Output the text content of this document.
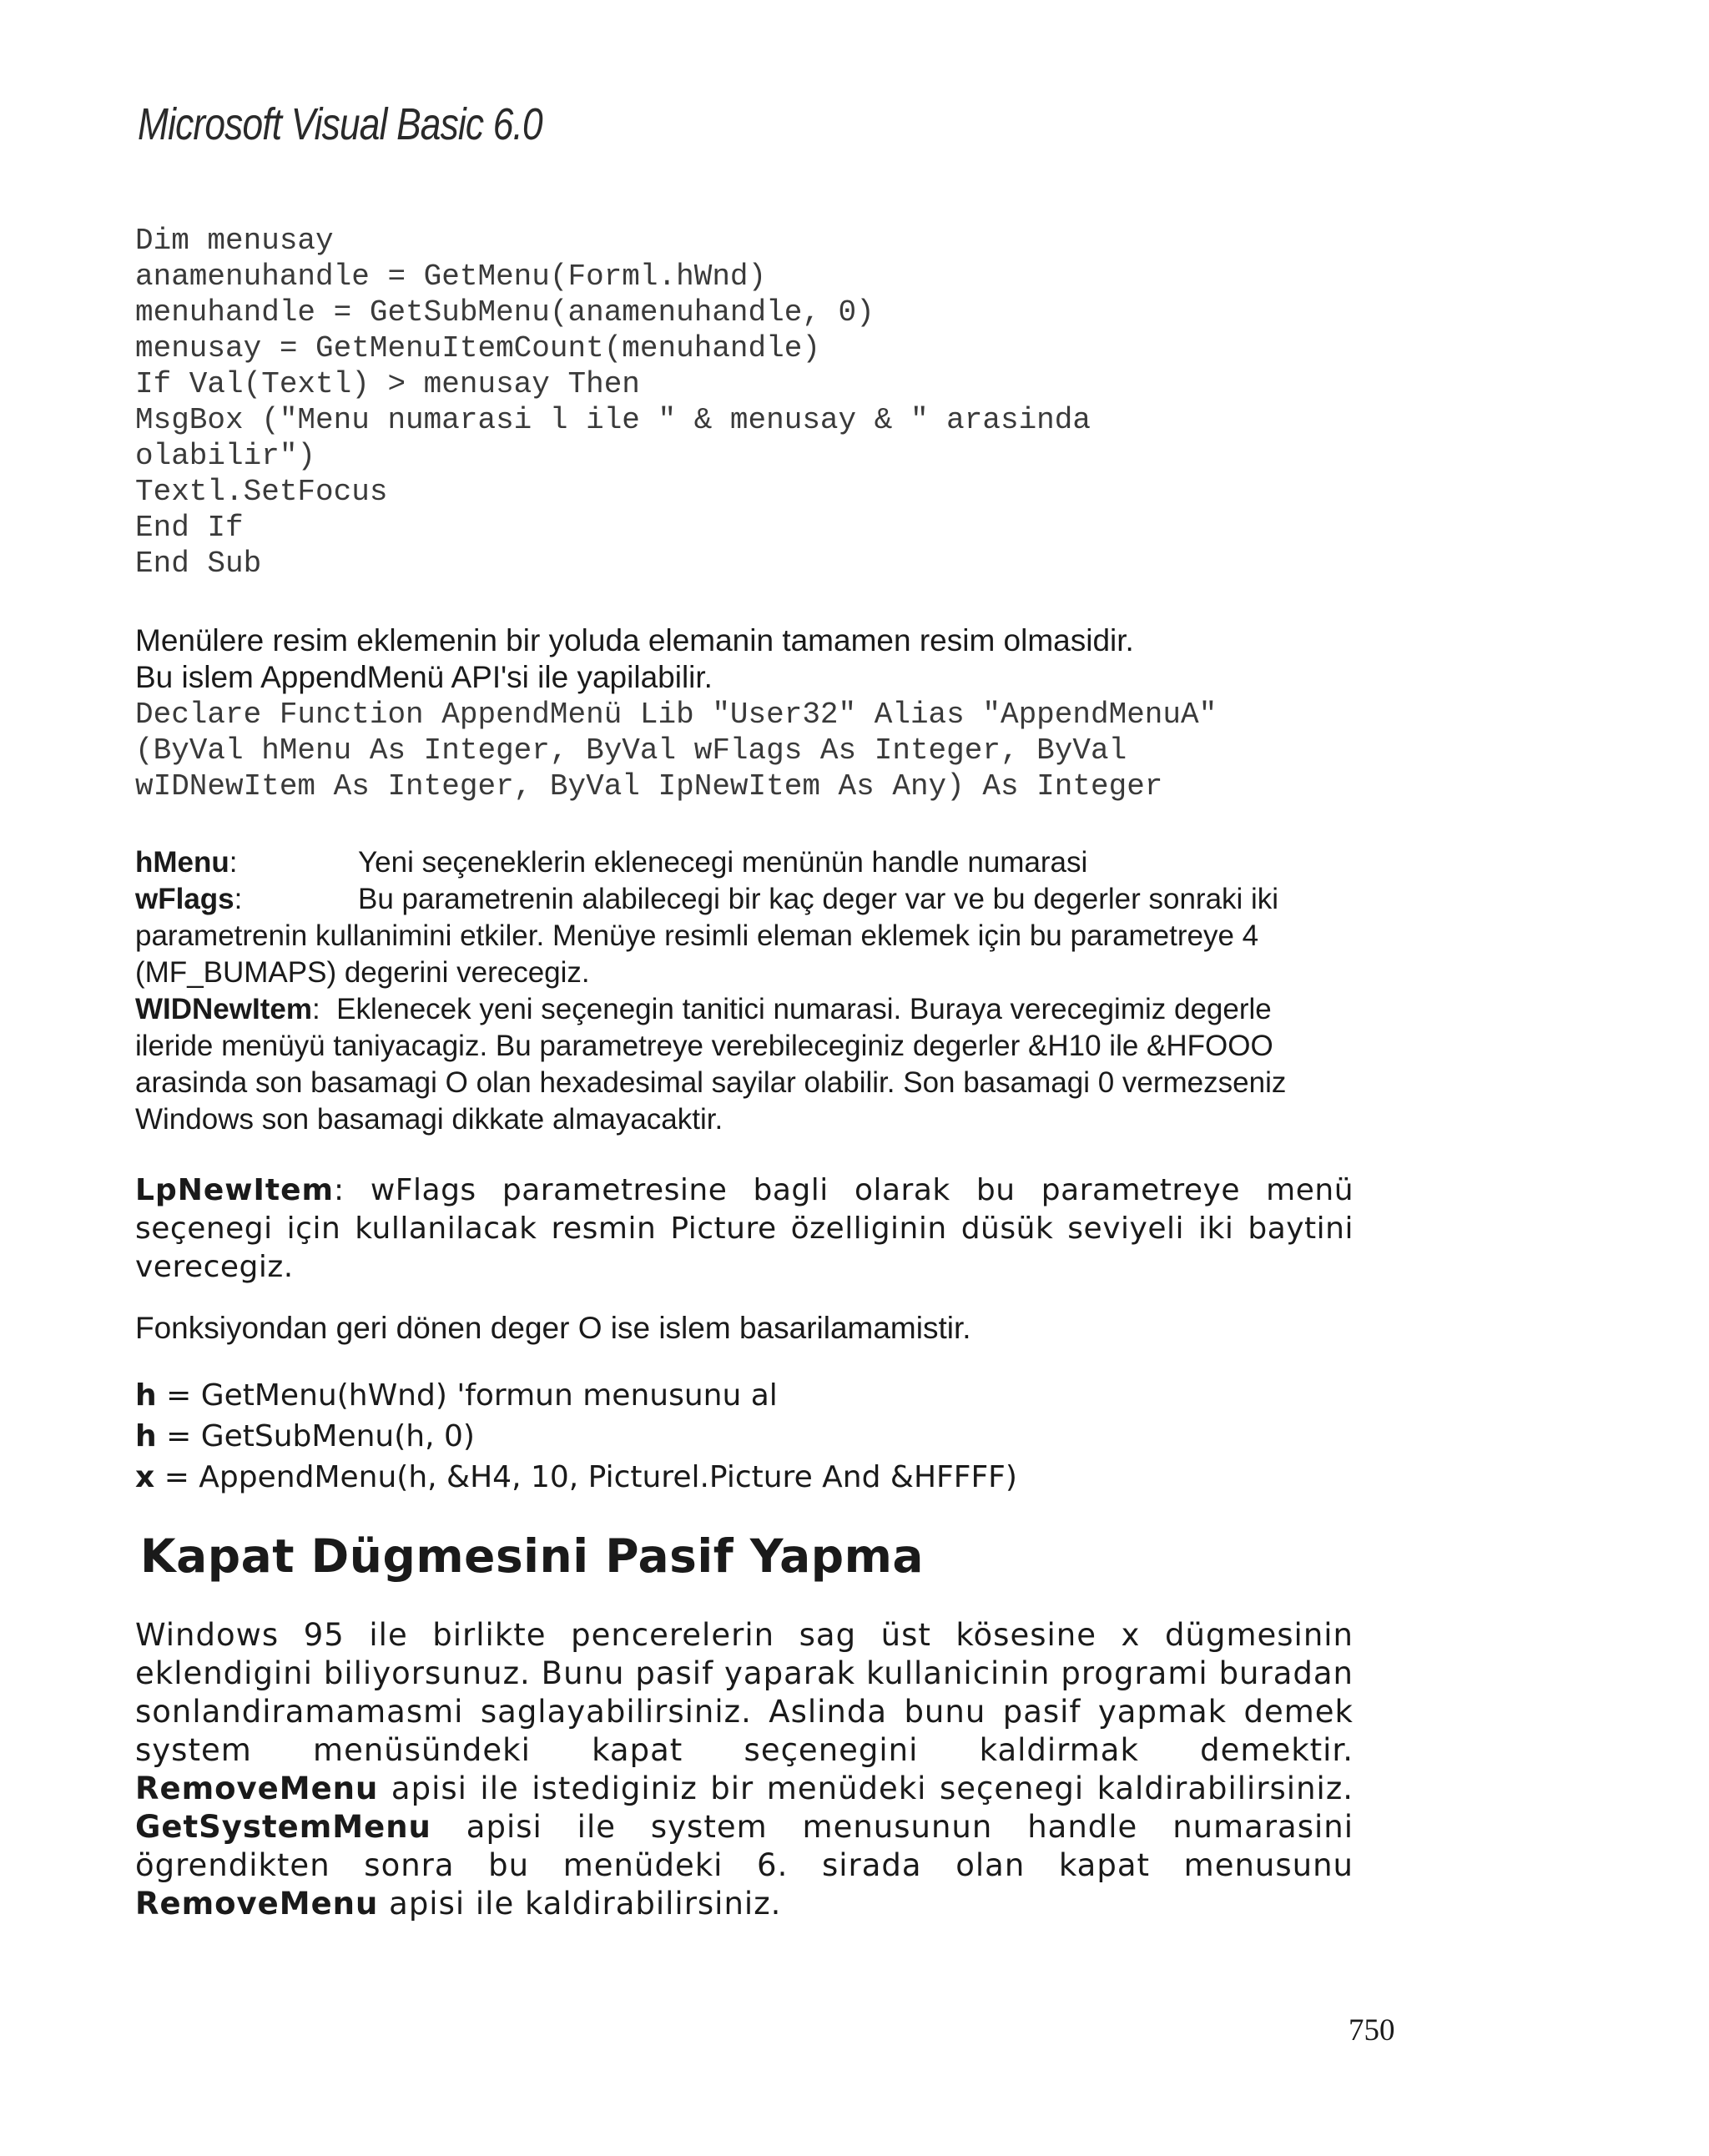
Microsoft Visual Basic 6.0
Dim menusay
anamenuhandle = GetMenu(Forml.hWnd)
menuhandle = GetSubMenu(anamenuhandle, 0)
menusay = GetMenuItemCount(menuhandle)
If Val(Textl) > menusay Then
MsgBox ("Menu numarasi l ile " & menusay & " arasinda
olabilir")
Textl.SetFocus
End If
End Sub
Menülere resim eklemenin bir yoluda elemanin tamamen resim olmasidir.
Bu islem AppendMenü API'si ile yapilabilir.
Declare Function AppendMenü Lib "User32" Alias "AppendMenuA"
(ByVal hMenu As Integer, ByVal wFlags As Integer, ByVal
wIDNewItem As Integer, ByVal IpNewItem As Any) As Integer
hMenu:	Yeni seçeneklerin eklenecegi menünün handle numarasi
wFlags:	Bu parametrenin alabilecegi bir kaç deger var ve bu degerler sonraki iki parametrenin kullanimini etkiler. Menüye resimli eleman eklemek için bu parametreye 4 (MF_BUMAPS) degerini verecegiz.
WIDNewItem:  Eklenecek yeni seçenegin tanitici numarasi. Buraya verecegimiz degerle ileride menüyü taniyacagiz. Bu parametreye verebileceginiz degerler &H10 ile &HFOOO arasinda son basamagi O olan hexadesimal sayilar olabilir. Son basamagi 0 vermezseniz Windows son basamagi dikkate almayacaktir.
LpNewItem: wFlags parametresine bagli olarak bu parametreye menü seçenegi için kullanilacak resmin Picture özelliginin düsük seviyeli iki baytini verecegiz.
Fonksiyondan geri dönen deger O ise islem basarilamamistir.
h = GetMenu(hWnd) 'formun menusunu al
h = GetSubMenu(h, 0)
x = AppendMenu(h, &H4, 10, Picturel.Picture And &HFFFF)
Kapat Dügmesini Pasif Yapma
Windows 95 ile birlikte pencerelerin sag üst kösesine x dügmesinin eklendigini biliyorsunuz. Bunu pasif yaparak kullanicinin programi buradan sonlandiramamasmi saglayabilirsiniz. Aslinda bunu pasif yapmak demek system menüsündeki kapat seçenegini kaldirmak demektir. RemoveMenu apisi ile istediginiz bir menüdeki seçenegi kaldirabilirsiniz. GetSystemMenu apisi ile system menusunun handle numarasini ögrendikten sonra bu menüdeki 6. sirada olan kapat menusunu RemoveMenu apisi ile kaldirabilirsiniz.
750
